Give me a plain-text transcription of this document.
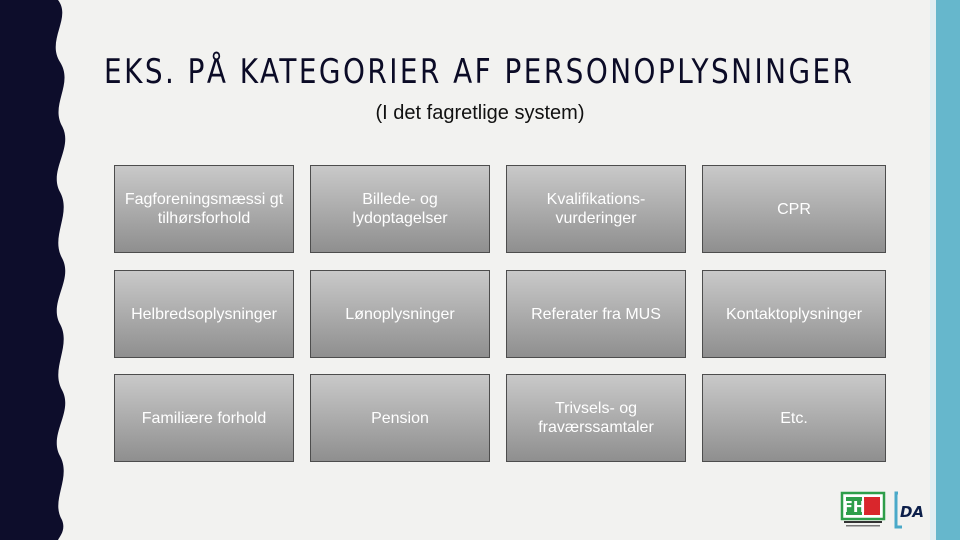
EKS. PÅ KATEGORIER AF PERSONOPLYSNINGER
(I det fagretlige system)
Fagforeningsmæssi gt tilhørsforhold
Billede- og lydoptagelser
Kvalifikations- vurderinger
CPR
Helbredsoplysninger	Lønoplysninger	Referater fra MUS	Kontaktoplysninger
Familiære forhold	Pension
Trivsels- og fraværssamtaler
Etc.
FH DA
